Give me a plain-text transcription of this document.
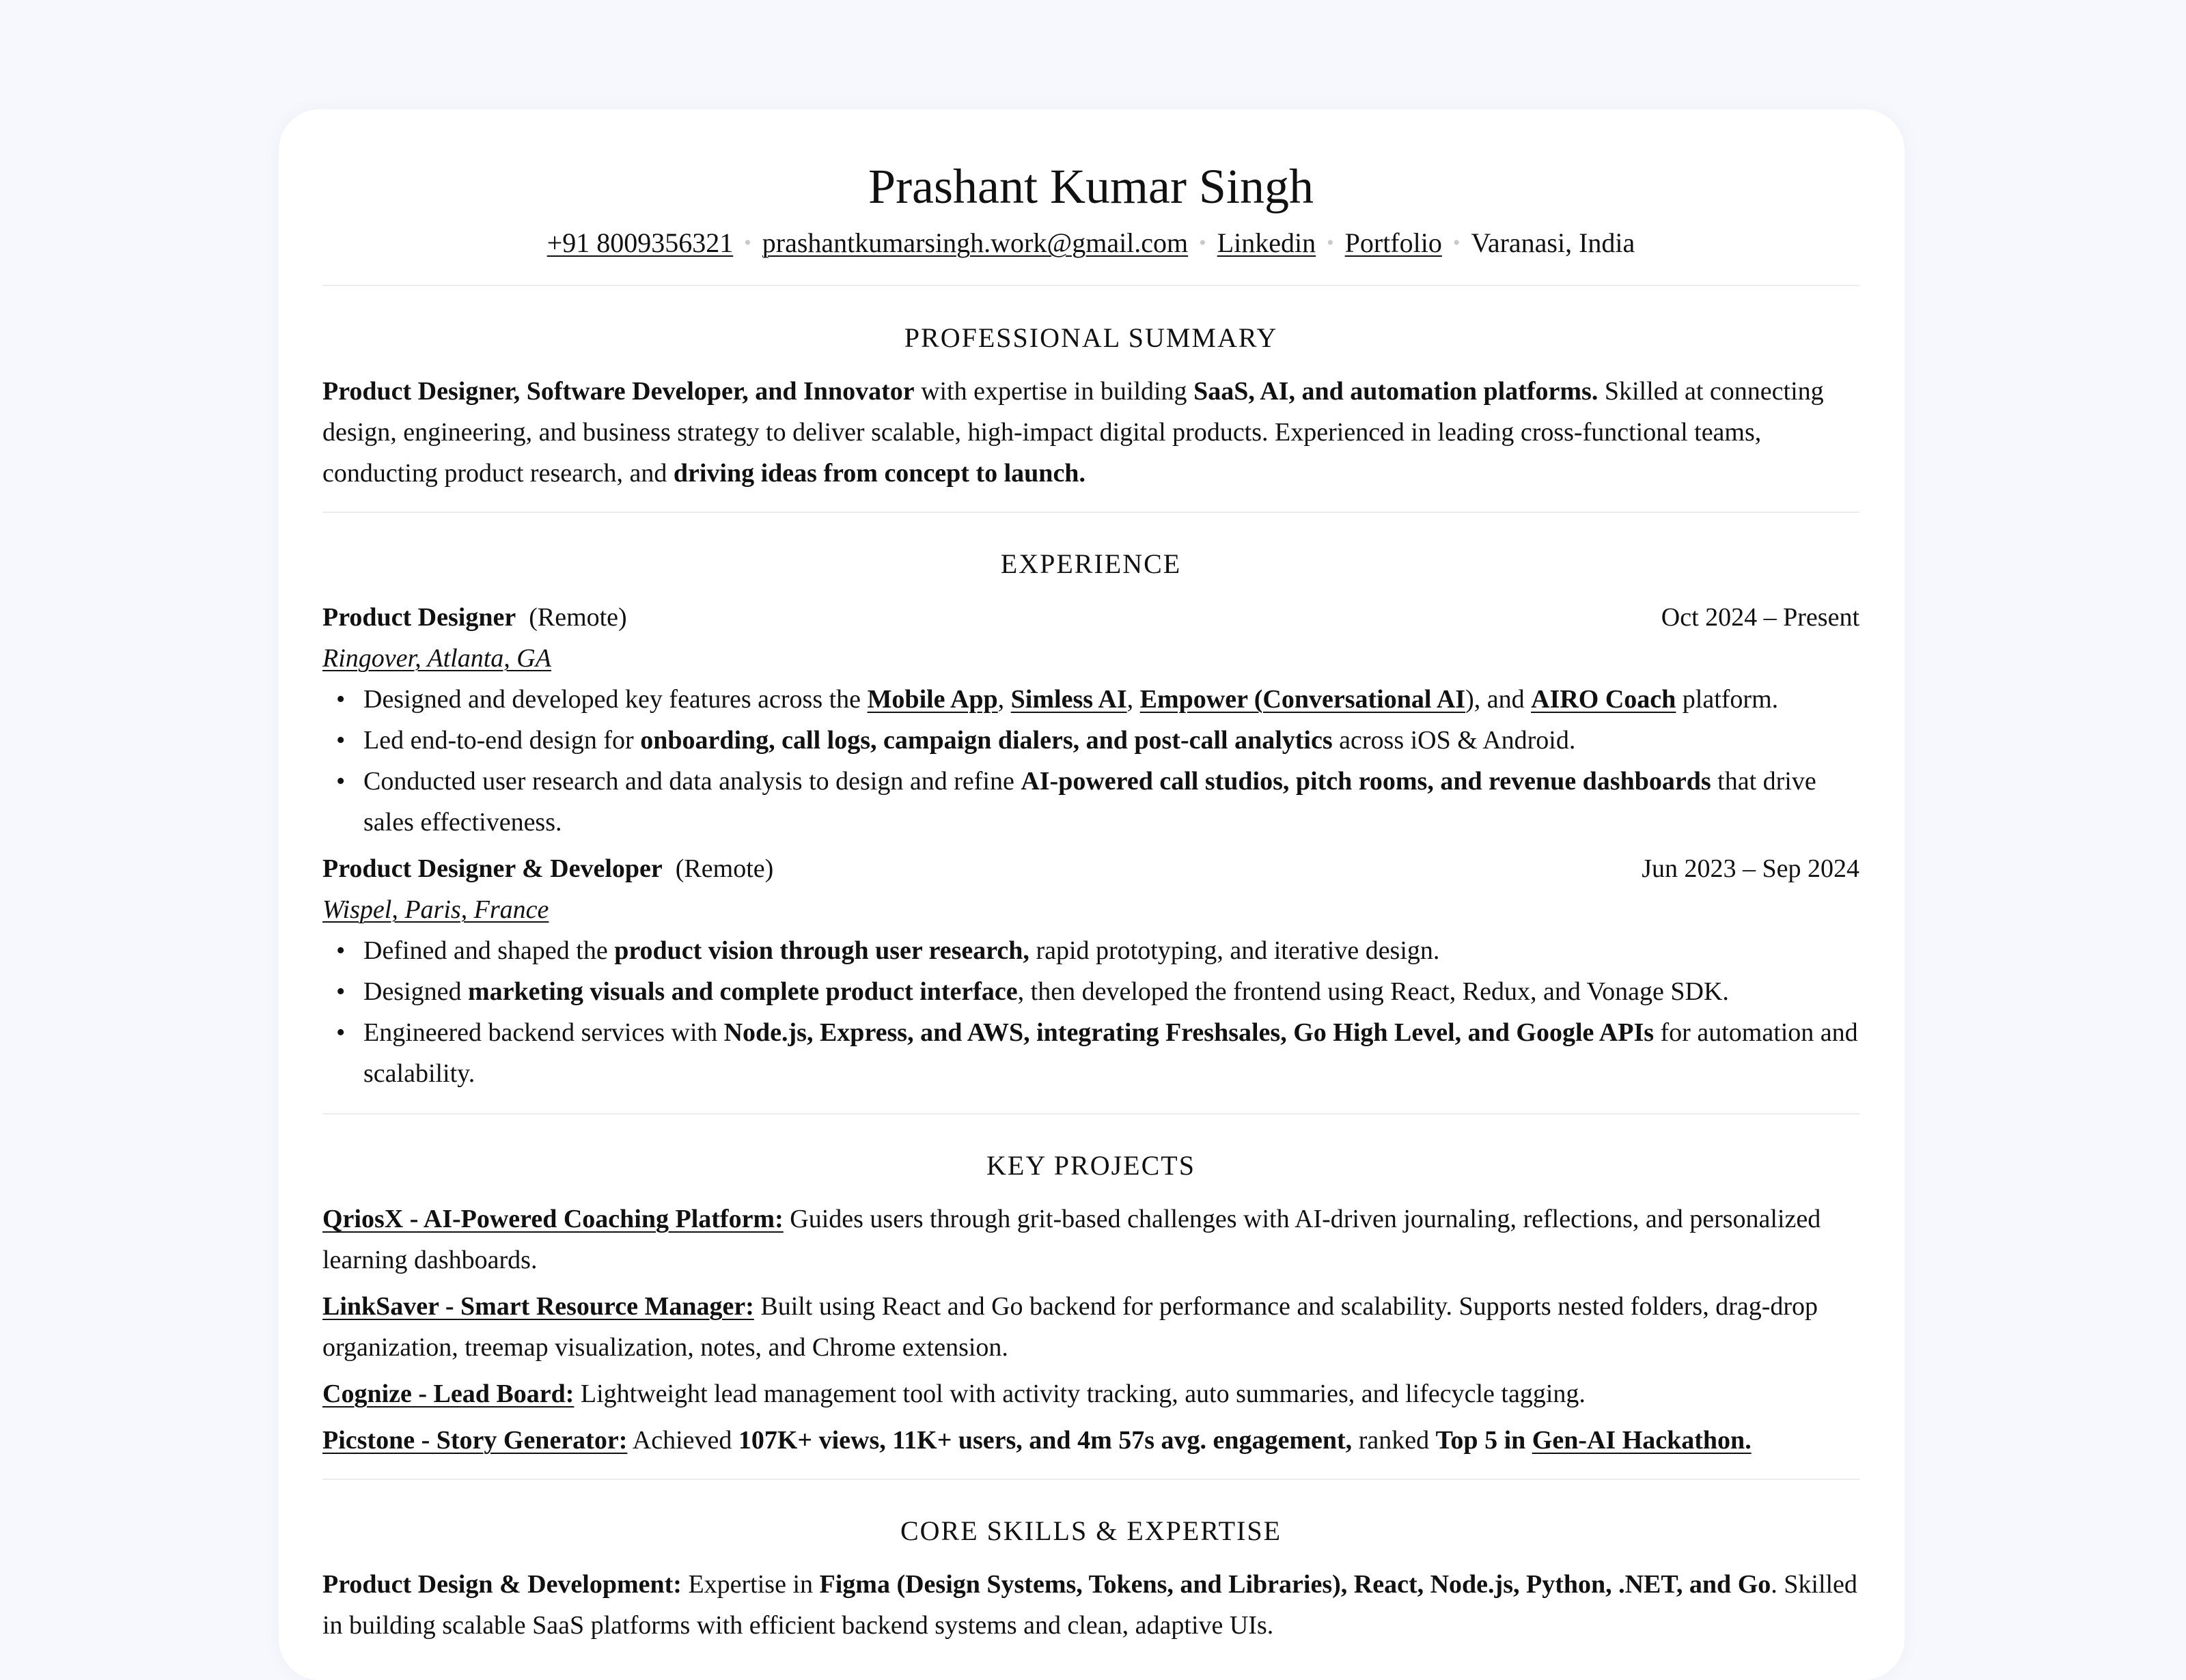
Prashant Kumar Singh
+91 8009356321 • prashantkumarsingh.work@gmail.com • Linkedin • Portfolio • Varanasi, India
PROFESSIONAL SUMMARY

Product Designer, Software Developer, and Innovator with expertise in building SaaS, AI, and automation platforms. Skilled at connecting design, engineering, and business strategy to deliver scalable, high-impact digital products. Experienced in leading cross-functional teams, conducting product research, and driving ideas from concept to launch.

EXPERIENCE
Product Designer (Remote)	Oct 2024 – Present
Ringover, Atlanta, GA
• Designed and developed key features across the Mobile App, Simless AI, Empower (Conversational AI), and AIRO Coach platform.
• Led end-to-end design for onboarding, call logs, campaign dialers, and post-call analytics across iOS & Android.
• Conducted user research and data analysis to design and refine AI-powered call studios, pitch rooms, and revenue dashboards that drive sales effectiveness.
Product Designer & Developer (Remote)	Jun 2023 – Sep 2024
Wispel, Paris, France
• Defined and shaped the product vision through user research, rapid prototyping, and iterative design.
• Designed marketing visuals and complete product interface, then developed the frontend using React, Redux, and Vonage SDK.
• Engineered backend services with Node.js, Express, and AWS, integrating Freshsales, Go High Level, and Google APIs for automation and scalability.
KEY PROJECTS

QriosX - AI-Powered Coaching Platform: Guides users through grit-based challenges with AI-driven journaling, reflections, and personalized learning dashboards.

LinkSaver - Smart Resource Manager: Built using React and Go backend for performance and scalability. Supports nested folders, drag-drop organization, treemap visualization, notes, and Chrome extension.

Cognize - Lead Board: Lightweight lead management tool with activity tracking, auto summaries, and lifecycle tagging.

Picstone - Story Generator: Achieved 107K+ views, 11K+ users, and 4m 57s avg. engagement, ranked Top 5 in Gen-AI Hackathon.

CORE SKILLS & EXPERTISE

Product Design & Development: Expertise in Figma (Design Systems, Tokens, and Libraries), React, Node.js, Python, .NET, and Go. Skilled in building scalable SaaS platforms with efficient backend systems and clean, adaptive UIs.
